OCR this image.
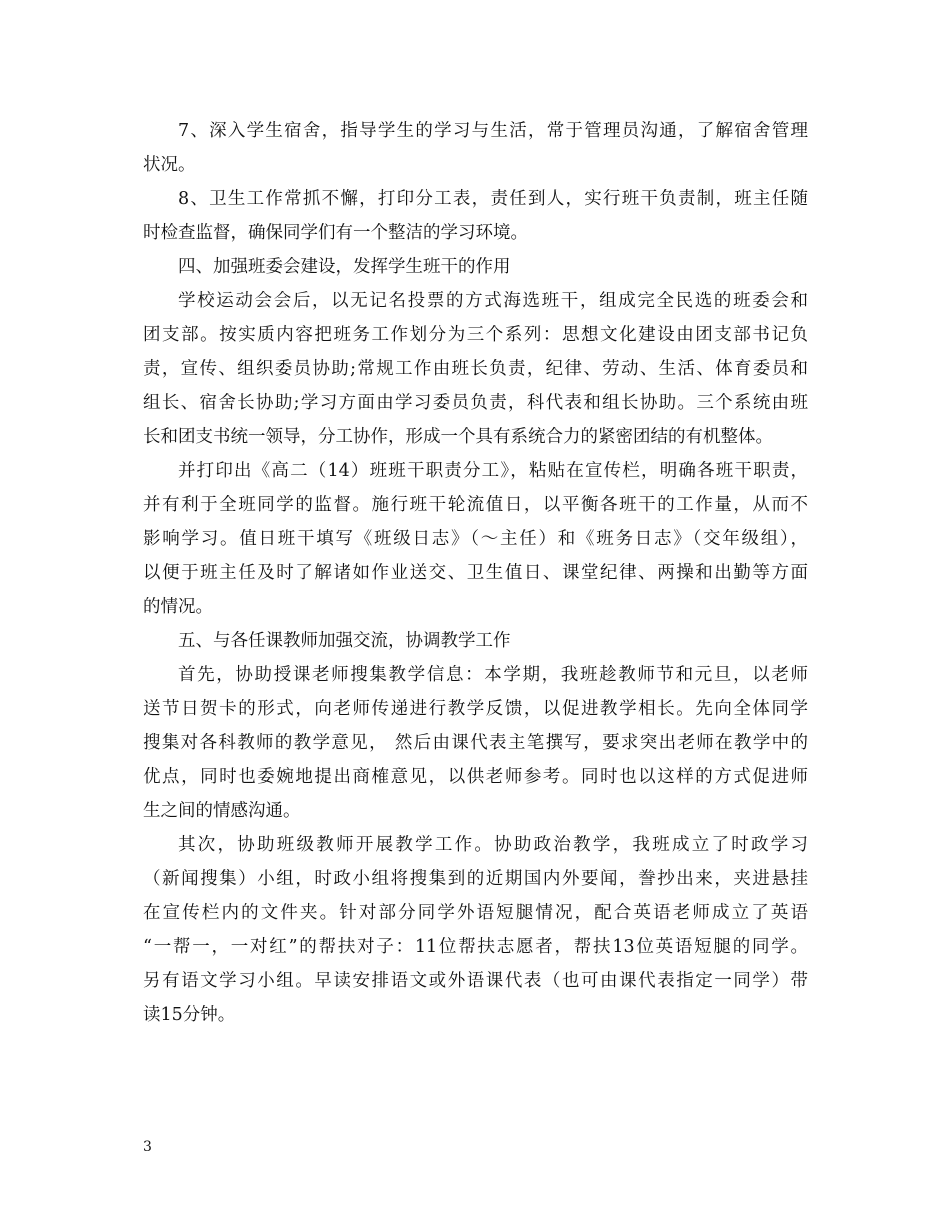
7、深入学生宿舍，指导学生的学习与生活，常于管理员沟通，了解宿舍管理
状况。
8、卫生工作常抓不懈，打印分工表，责任到人，实行班干负责制，班主任随
时检查监督，确保同学们有一个整洁的学习环境。
四、加强班委会建设，发挥学生班干的作用
学校运动会会后，以无记名投票的方式海选班干，组成完全民选的班委会和
团支部。按实质内容把班务工作划分为三个系列：思想文化建设由团支部书记负
责，宣传、组织委员协助;常规工作由班长负责，纪律、劳动、生活、体育委员和
组长、宿舍长协助;学习方面由学习委员负责，科代表和组长协助。三个系统由班
长和团支书统一领导，分工协作，形成一个具有系统合力的紧密团结的有机整体。
并打印出《高二（14）班班干职责分工》，粘贴在宣传栏，明确各班干职责，
并有利于全班同学的监督。施行班干轮流值日，以平衡各班干的工作量，从而不
影响学习。值日班干填写《班级日志》（～主任）和《班务日志》（交年级组），
以便于班主任及时了解诸如作业送交、卫生值日、课堂纪律、两操和出勤等方面
的情况。
五、与各任课教师加强交流，协调教学工作
首先，协助授课老师搜集教学信息：本学期，我班趁教师节和元旦，以老师
送节日贺卡的形式，向老师传递进行教学反馈，以促进教学相长。先向全体同学
搜集对各科教师的教学意见， 然后由课代表主笔撰写，要求突出老师在教学中的
优点，同时也委婉地提出商榷意见，以供老师参考。同时也以这样的方式促进师
生之间的情感沟通。
其次，协助班级教师开展教学工作。协助政治教学，我班成立了时政学习
（新闻搜集）小组，时政小组将搜集到的近期国内外要闻，誊抄出来，夹进悬挂
在宣传栏内的文件夹。针对部分同学外语短腿情况，配合英语老师成立了英语
“一帮一，一对红”的帮扶对子：11位帮扶志愿者，帮扶13位英语短腿的同学。
另有语文学习小组。早读安排语文或外语课代表（也可由课代表指定一同学）带
读15分钟。
3
